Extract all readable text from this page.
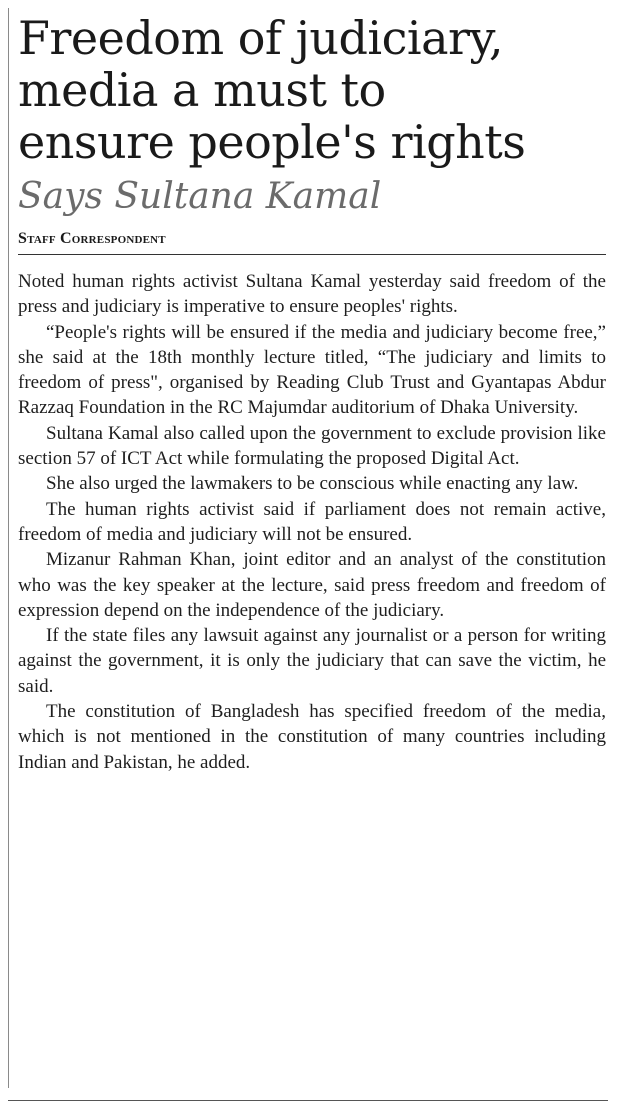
Freedom of judiciary,
media a must to
ensure people's rights
Says Sultana Kamal
Staff Correspondent

Noted human rights activist Sultana Kamal yesterday said freedom of the press and judiciary is imperative to ensure peoples' rights.

“People's rights will be ensured if the media and judiciary become free,” she said at the 18th monthly lecture titled, “The judiciary and limits to freedom of press", organised by Reading Club Trust and Gyantapas Abdur Razzaq Foundation in the RC Majumdar auditorium of Dhaka University.

Sultana Kamal also called upon the government to exclude provision like section 57 of ICT Act while formulating the proposed Digital Act.

She also urged the lawmakers to be conscious while enacting any law.

The human rights activist said if parliament does not remain active, freedom of media and judiciary will not be ensured.

Mizanur Rahman Khan, joint editor and an analyst of the constitution who was the key speaker at the lecture, said press freedom and freedom of expression depend on the independence of the judiciary.

If the state files any lawsuit against any journalist or a person for writing against the government, it is only the judiciary that can save the victim, he said.

The constitution of Bangladesh has specified freedom of the media, which is not mentioned in the constitution of many countries including Indian and Pakistan, he added.
